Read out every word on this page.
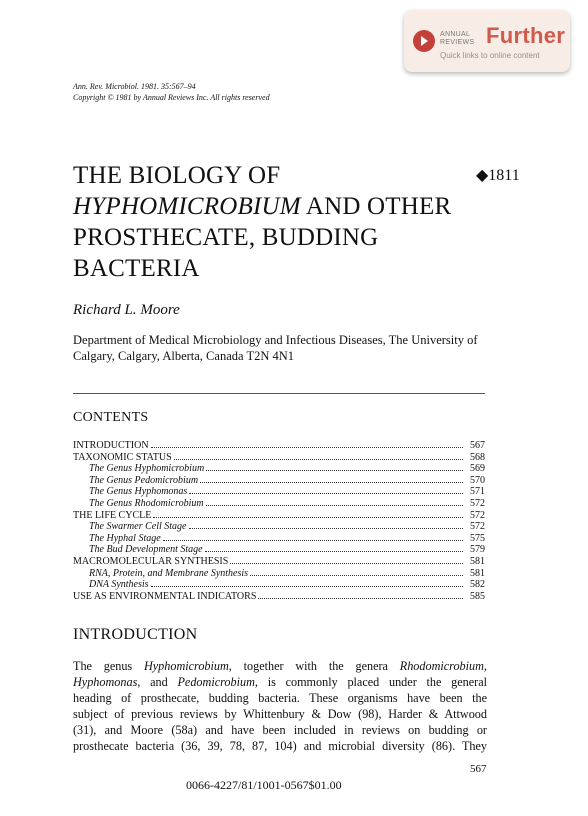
ANNUAL
REVIEWS Further
Quick links to online content
Ann. Rev. Microbiol. 1981. 35:567–94
Copyright © 1981 by Annual Reviews Inc. All rights reserved
THE BIOLOGY OF
HYPHOMICROBIUM AND OTHER
PROSTHECATE, BUDDING
BACTERIA
◆1811
Richard L. Moore
Department of Medical Microbiology and Infectious Diseases, The University of
Calgary, Calgary, Alberta, Canada T2N 4N1
CONTENTS
INTRODUCTION	567
TAXONOMIC STATUS	568
The Genus Hyphomicrobium	569
The Genus Pedomicrobium	570
The Genus Hyphomonas	571
The Genus Rhodomicrobium	572
THE LIFE CYCLE	572
The Swarmer Cell Stage	572
The Hyphal Stage	575
The Bud Development Stage	579
MACROMOLECULAR SYNTHESIS	581
RNA, Protein, and Membrane Synthesis	581
DNA Synthesis	582
USE AS ENVIRONMENTAL INDICATORS	585
INTRODUCTION
The genus Hyphomicrobium, together with the genera Rhodomicrobium,
Hyphomonas, and Pedomicrobium, is commonly placed under the general
heading of prosthecate, budding bacteria. These organisms have been the
subject of previous reviews by Whittenbury & Dow (98), Harder & Attwood
(31), and Moore (58a) and have been included in reviews on budding or
prosthecate bacteria (36, 39, 78, 87, 104) and microbial diversity (86). They
567
0066-4227/81/1001-0567$01.00
